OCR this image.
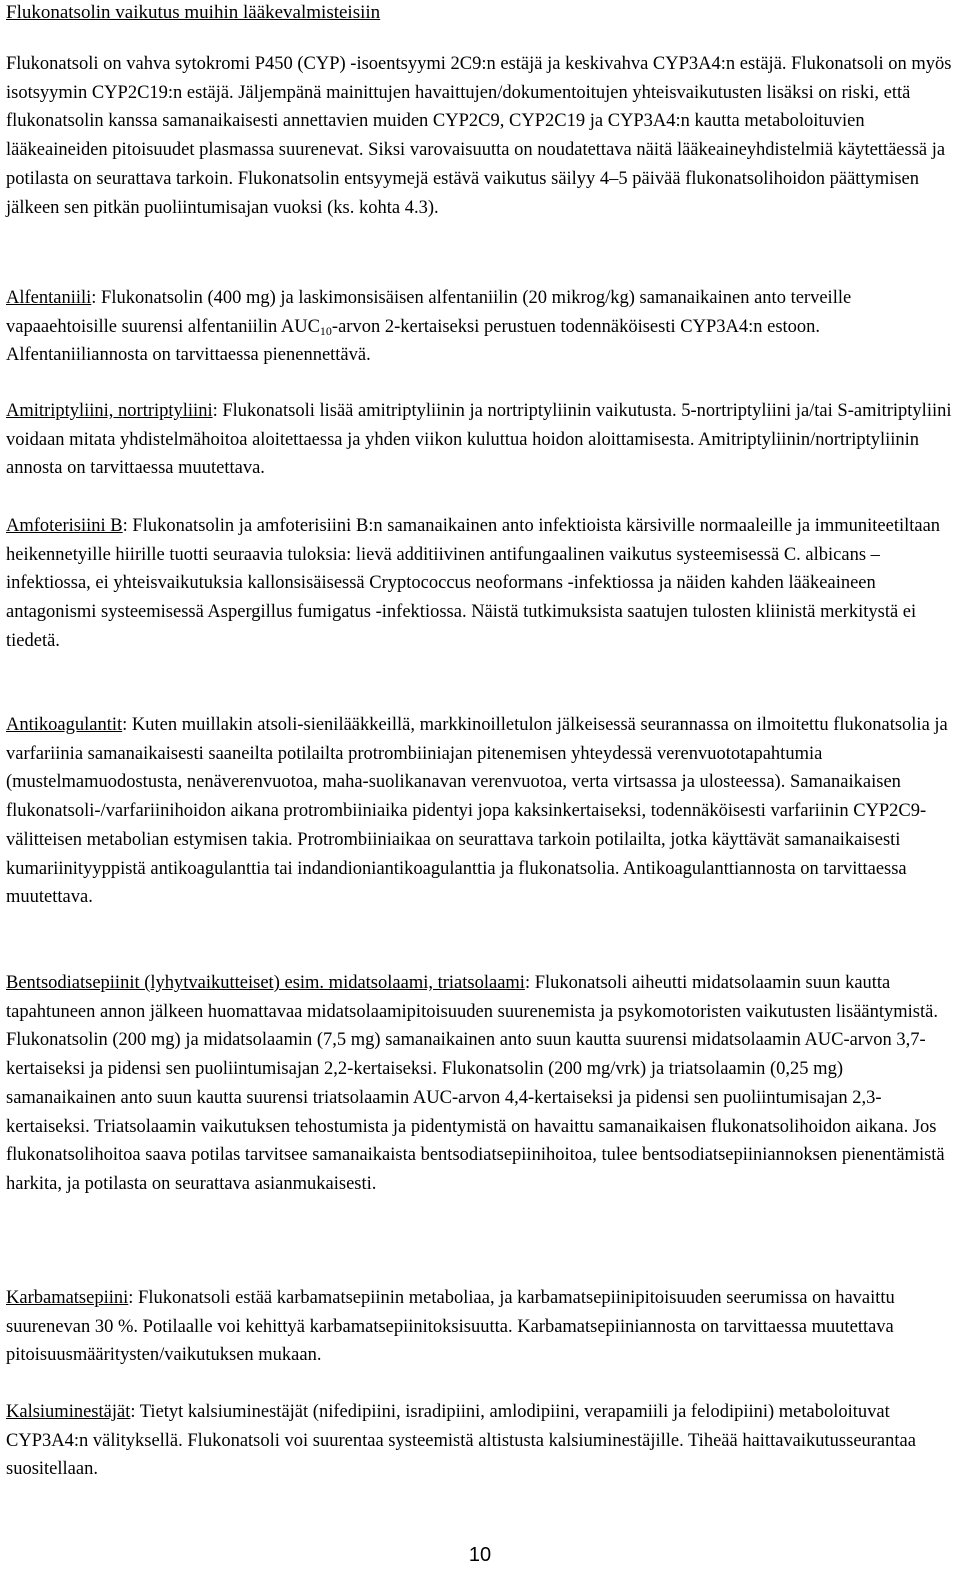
Flukonatsolin vaikutus muihin lääkevalmisteisiin

Flukonatsoli on vahva sytokromi P450 (CYP) -isoentsyymi 2C9:n estäjä ja keskivahva CYP3A4:n estäjä. Flukonatsoli on myös isotsyymin CYP2C19:n estäjä. Jäljempänä mainittujen havaittujen/dokumentoitujen yhteisvaikutusten lisäksi on riski, että flukonatsolin kanssa samanaikaisesti annettavien muiden CYP2C9, CYP2C19 ja CYP3A4:n kautta metaboloituvien lääkeaineiden pitoisuudet plasmassa suurenevat. Siksi varovaisuutta on noudatettava näitä lääkeaineyhdistelmiä käytettäessä ja potilasta on seurattava tarkoin. Flukonatsolin entsyymejä estävä vaikutus säilyy 4–5 päivää flukonatsolihoidon päättymisen jälkeen sen pitkän puoliintumisajan vuoksi (ks. kohta 4.3).

Alfentaniili: Flukonatsolin (400 mg) ja laskimonsisäisen alfentaniilin (20 mikrog/kg) samanaikainen anto terveille vapaaehtoisille suurensi alfentaniilin $AUC_{10}$-arvon 2-kertaiseksi perustuen todennäköisesti CYP3A4:n estoon. Alfentaniiliannosta on tarvittaessa pienennettävä.

Amitriptyliini, nortriptyliini: Flukonatsoli lisää amitriptyliinin ja nortriptyliinin vaikutusta. 5-nortriptyliini ja/tai S-amitriptyliini voidaan mitata yhdistelmähoitoa aloitettaessa ja yhden viikon kuluttua hoidon aloittamisesta. Amitriptyliinin/nortriptyliinin annosta on tarvittaessa muutettava.

Amfoterisiini B: Flukonatsolin ja amfoterisiini B:n samanaikainen anto infektioista kärsiville normaaleille ja immuniteetiltaan heikennetyille hiirille tuotti seuraavia tuloksia: lievä additiivinen antifungaalinen vaikutus systeemisessä C. albicans –infektiossa, ei yhteisvaikutuksia kallonsisäisessä Cryptococcus neoformans -infektiossa ja näiden kahden lääkeaineen antagonismi systeemisessä Aspergillus fumigatus -infektiossa. Näistä tutkimuksista saatujen tulosten kliinistä merkitystä ei tiedetä.

Antikoagulantit: Kuten muillakin atsoli-sienilääkkeillä, markkinoilletulon jälkeisessä seurannassa on ilmoitettu flukonatsolia ja varfariinia samanaikaisesti saaneilta potilailta protrombiiniajan pitenemisen yhteydessä verenvuototapahtumia (mustelmamuodostusta, nenäverenvuotoa, maha-suolikanavan verenvuotoa, verta virtsassa ja ulosteessa). Samanaikaisen flukonatsoli-/varfariinihoidon aikana protrombiiniaika pidentyi jopa kaksinkertaiseksi, todennäköisesti varfariinin CYP2C9-välitteisen metabolian estymisen takia. Protrombiiniaikaa on seurattava tarkoin potilailta, jotka käyttävät samanaikaisesti kumariinityyppistä antikoagulanttia tai indandioniantikoagulanttia ja flukonatsolia. Antikoagulanttiannosta on tarvittaessa muutettava.

Bentsodiatsepiinit (lyhytvaikutteiset) esim. midatsolaami, triatsolaami: Flukonatsoli aiheutti midatsolaamin suun kautta tapahtuneen annon jälkeen huomattavaa midatsolaamipitoisuuden suurenemista ja psykomotoristen vaikutusten lisääntymistä. Flukonatsolin (200 mg) ja midatsolaamin (7,5 mg) samanaikainen anto suun kautta suurensi midatsolaamin AUC-arvon 3,7-kertaiseksi ja pidensi sen puoliintumisajan 2,2-kertaiseksi. Flukonatsolin (200 mg/vrk) ja triatsolaamin (0,25 mg) samanaikainen anto suun kautta suurensi triatsolaamin AUC-arvon 4,4-kertaiseksi ja pidensi sen puoliintumisajan 2,3-kertaiseksi. Triatsolaamin vaikutuksen tehostumista ja pidentymistä on havaittu samanaikaisen flukonatsolihoidon aikana. Jos flukonatsolihoitoa saava potilas tarvitsee samanaikaista bentsodiatsepiinihoitoa, tulee bentsodiatsepiiniannoksen pienentämistä harkita, ja potilasta on seurattava asianmukaisesti.

Karbamatsepiini: Flukonatsoli estää karbamatsepiinin metaboliaa, ja karbamatsepiinipitoisuuden seerumissa on havaittu suurenevan 30 %. Potilaalle voi kehittyä karbamatsepiinitoksisuutta. Karbamatsepiiniannosta on tarvittaessa muutettava pitoisuusmääritysten/vaikutuksen mukaan.

Kalsiuminestäjät: Tietyt kalsiuminestäjät (nifedipiini, isradipiini, amlodipiini, verapamiili ja felodipiini) metaboloituvat CYP3A4:n välityksellä. Flukonatsoli voi suurentaa systeemistä altistusta kalsiuminestäjille. Tiheää haittavaikutusseurantaa suositellaan.

10
